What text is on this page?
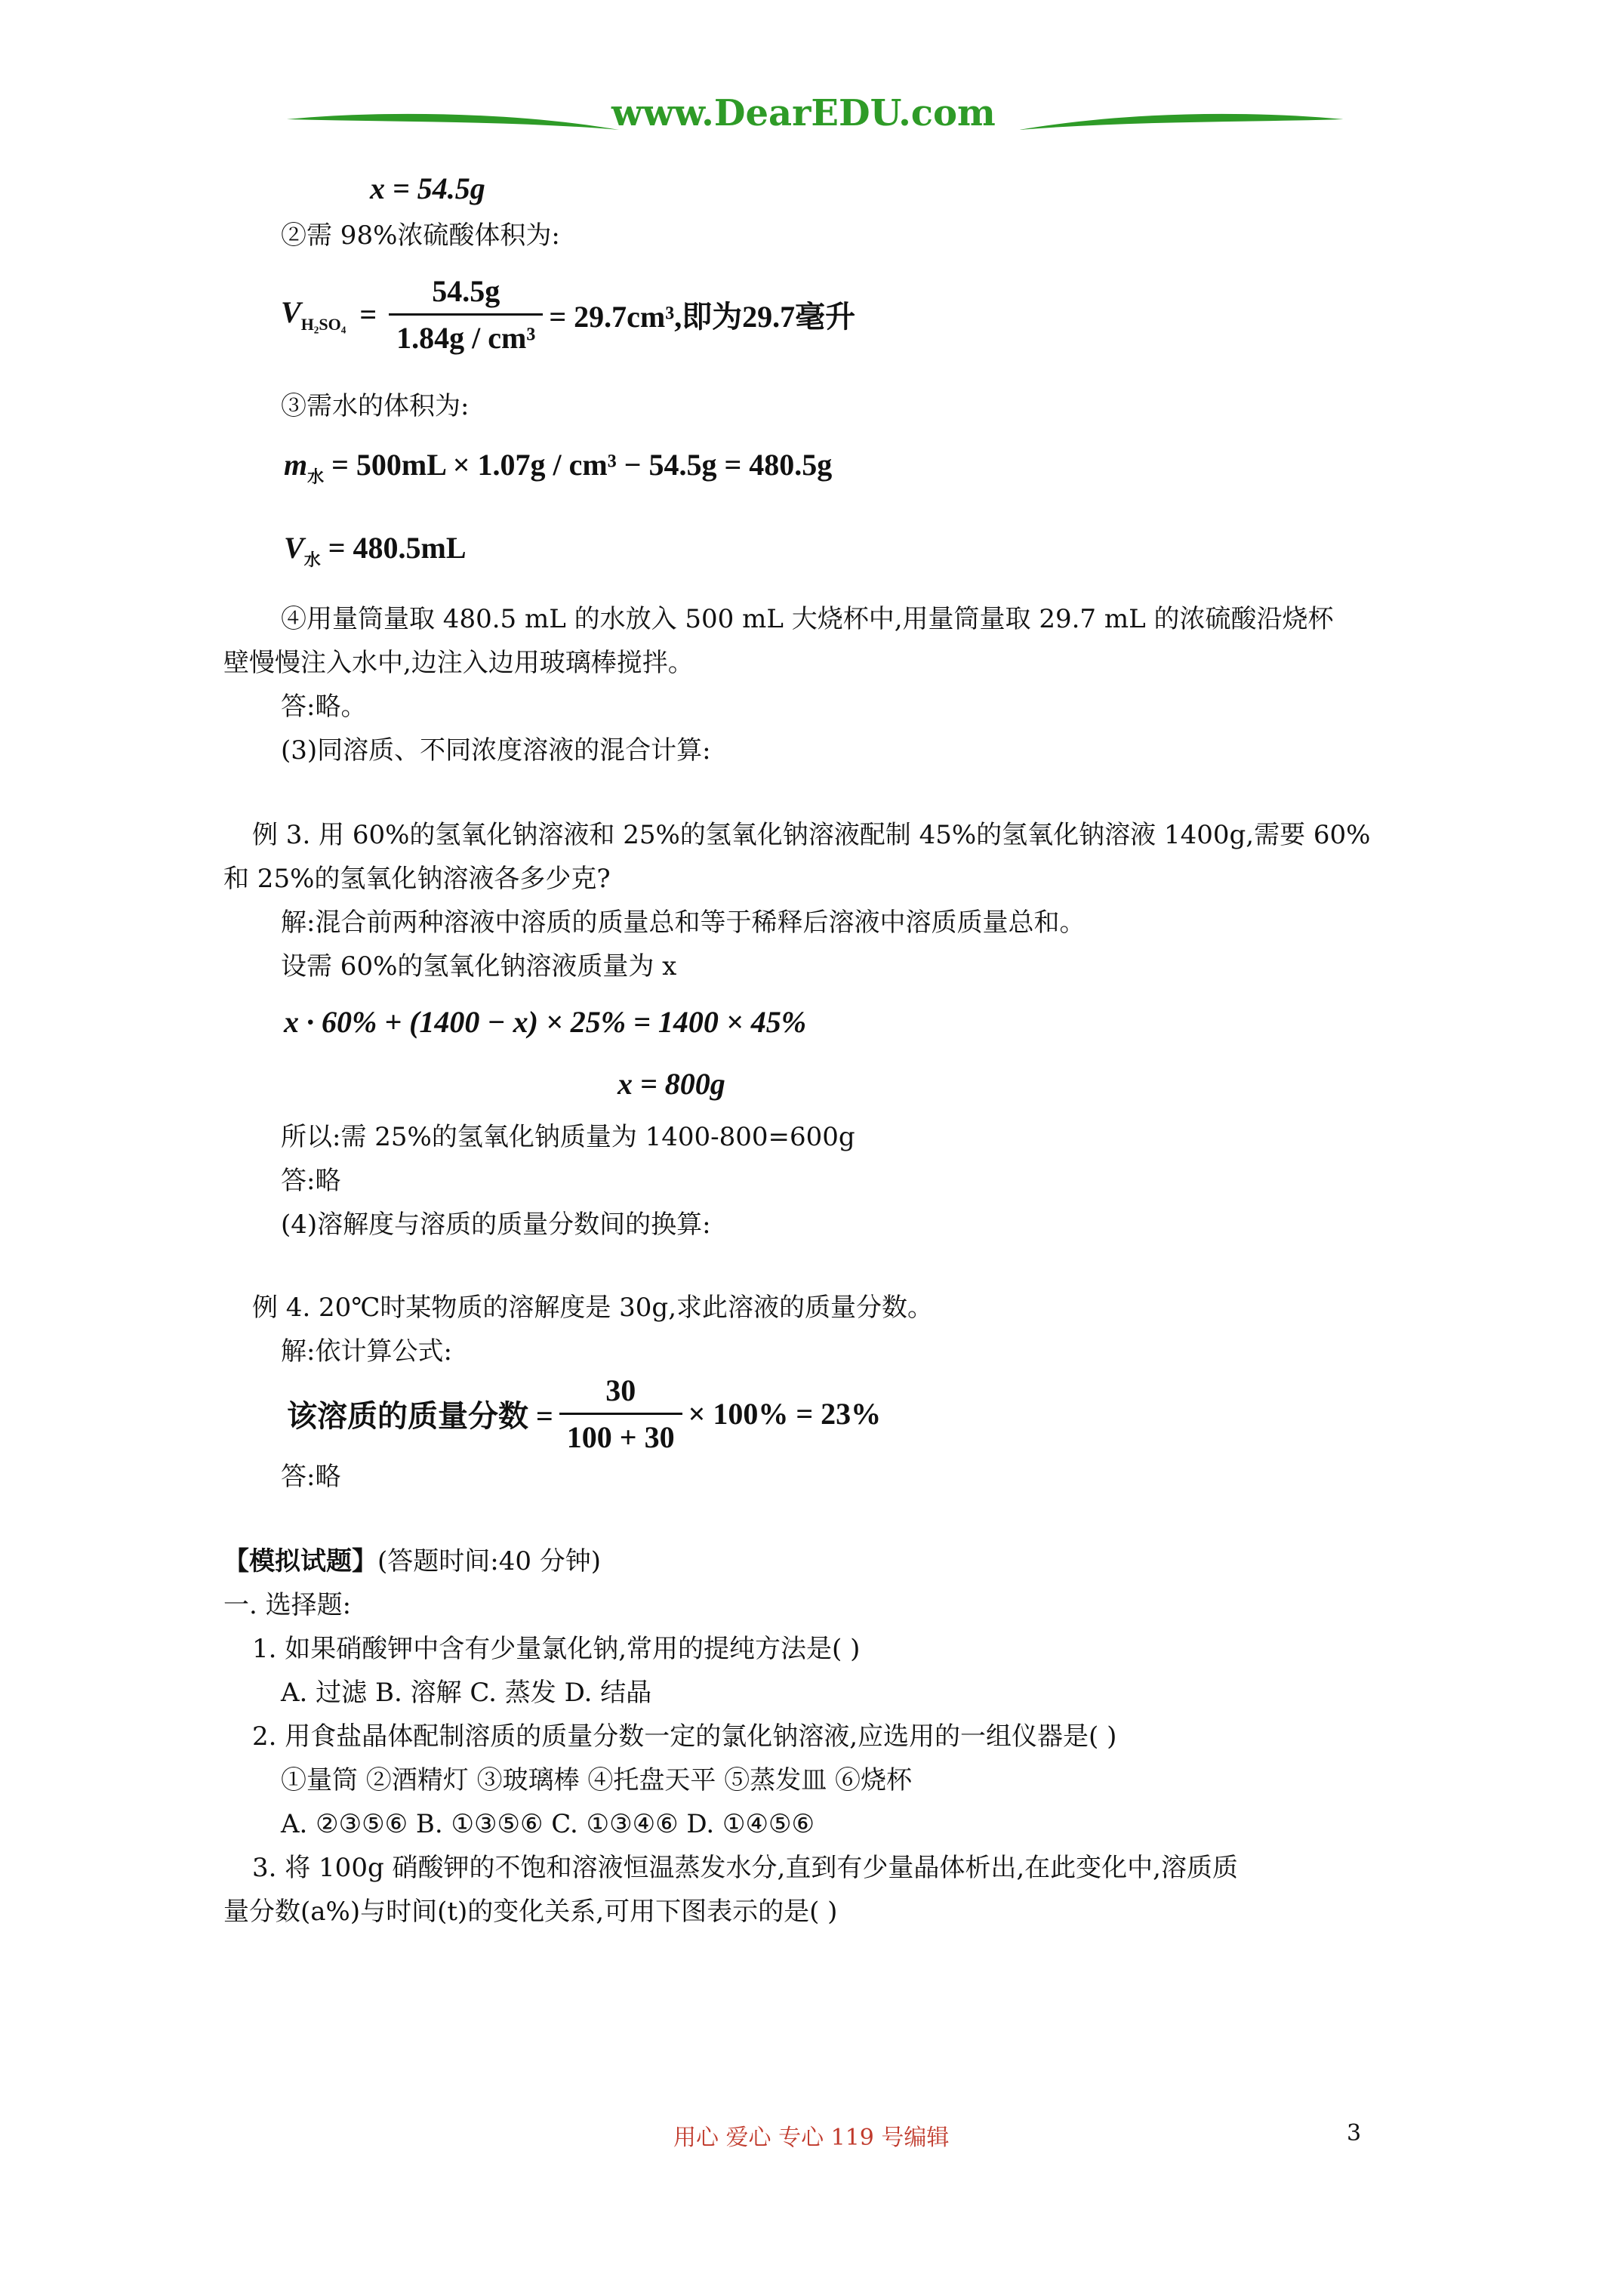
www.DearEDU.com
x = 54.5g
②需 98%浓硫酸体积为:
$V_{H_2SO_4} = \frac{54.5g}{\text{1.84g / cm³}} = 29.7cm^3$,即为29.7毫升
③需水的体积为:
$m_水 = 500mL \times 1.07g / cm^3 - 54.5g = 480.5g$
$V_水 = 480.5mL$
④用量筒量取 480.5 mL 的水放入 500 mL 大烧杯中,用量筒量取 29.7 mL 的浓硫酸沿烧杯
壁慢慢注入水中,边注入边用玻璃棒搅拌。
答:略。
(3)同溶质、不同浓度溶液的混合计算:
例 3. 用 60%的氢氧化钠溶液和 25%的氢氧化钠溶液配制 45%的氢氧化钠溶液 1400g,需要 60%
和 25%的氢氧化钠溶液各多少克?
解:混合前两种溶液中溶质的质量总和等于稀释后溶液中溶质质量总和。
设需 60%的氢氧化钠溶液质量为 x
x · 60% + (1400 − x) × 25% = 1400 × 45%
x = 800g
所以:需 25%的氢氧化钠质量为 1400-800=600g
答:略
(4)溶解度与溶质的质量分数间的换算:
例 4. 20℃时某物质的溶解度是 30g,求此溶液的质量分数。
解:依计算公式:
该溶质的质量分数 = $\frac{30}{100 + 30} \times 100\% = 23\%$
答:略
【模拟试题】(答题时间:40 分钟)
一. 选择题:
1. 如果硝酸钾中含有少量氯化钠,常用的提纯方法是( )
A. 过滤 B. 溶解 C. 蒸发 D. 结晶
2. 用食盐晶体配制溶质的质量分数一定的氯化钠溶液,应选用的一组仪器是( )
①量筒 ②酒精灯 ③玻璃棒 ④托盘天平 ⑤蒸发皿 ⑥烧杯
A. ②③⑤⑥ B. ①③⑤⑥ C. ①③④⑥ D. ①④⑤⑥
3. 将 100g 硝酸钾的不饱和溶液恒温蒸发水分,直到有少量晶体析出,在此变化中,溶质质
量分数(a%)与时间(t)的变化关系,可用下图表示的是( )
用心 爱心 专心 119 号编辑	3
